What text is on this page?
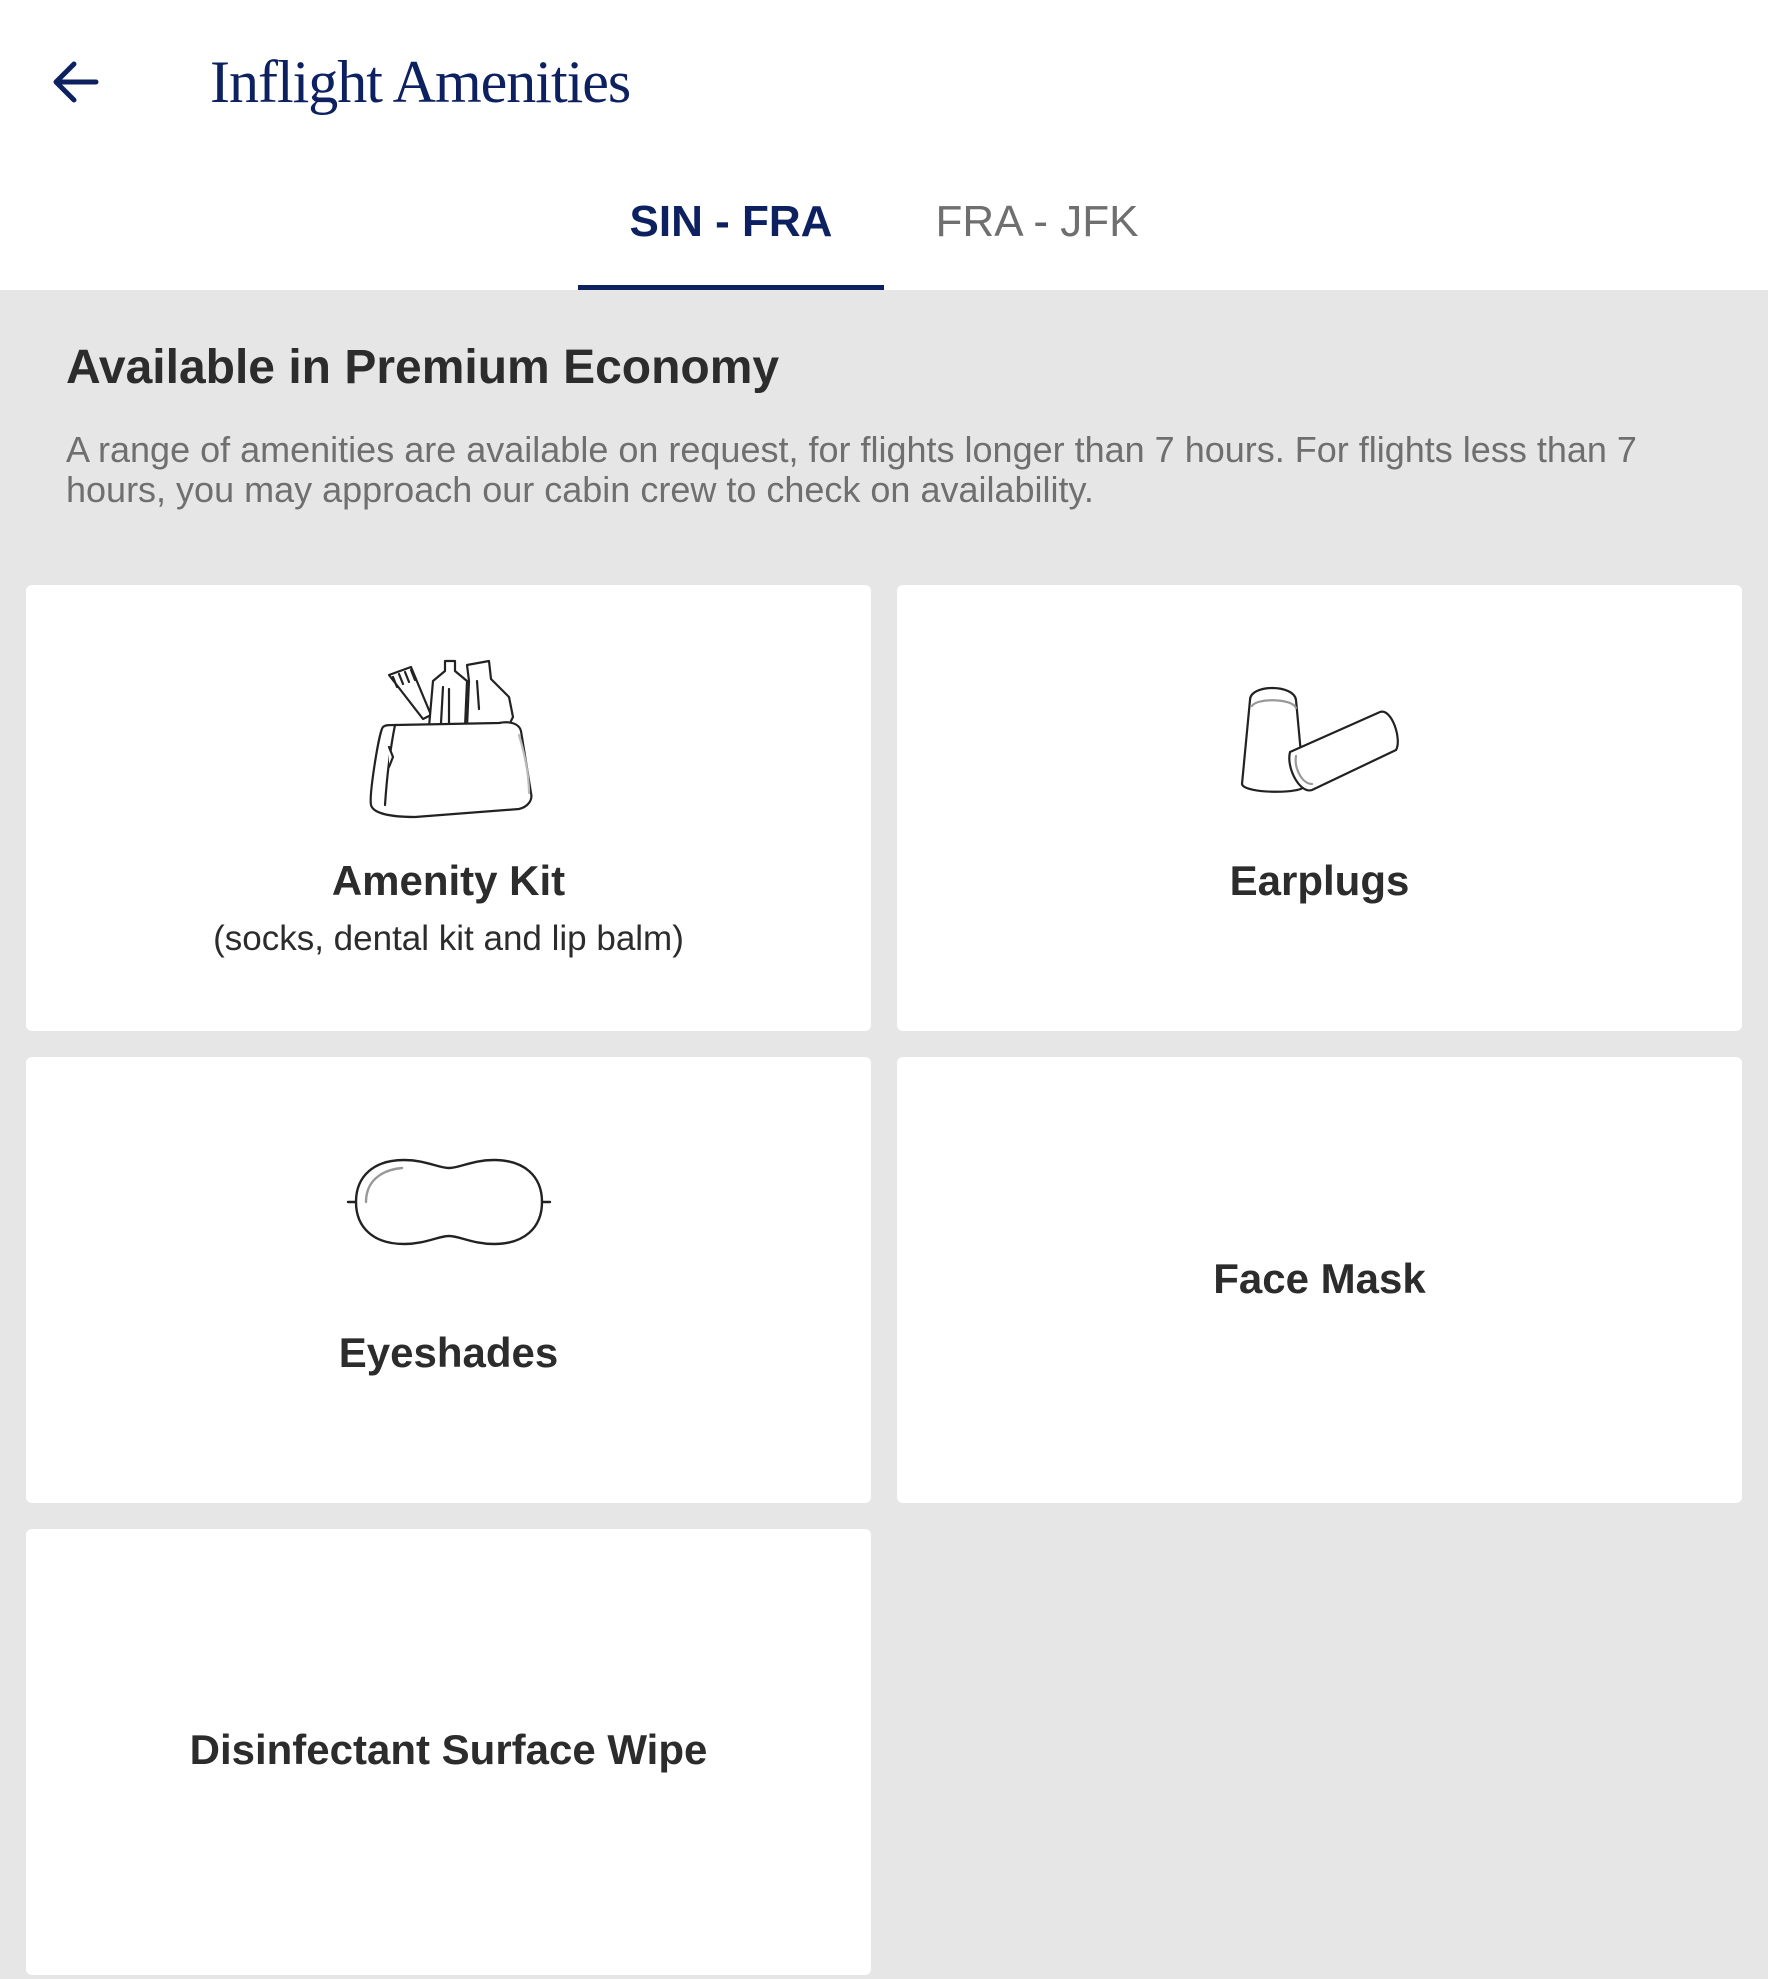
Inflight Amenities
SIN - FRA	FRA - JFK
Available in Premium Economy
A range of amenities are available on request, for flights longer than 7 hours. For flights less than 7 hours, you may approach our cabin crew to check on availability.
Amenity Kit
(socks, dental kit and lip balm)
Earplugs
Eyeshades
Face Mask
Disinfectant Surface Wipe
